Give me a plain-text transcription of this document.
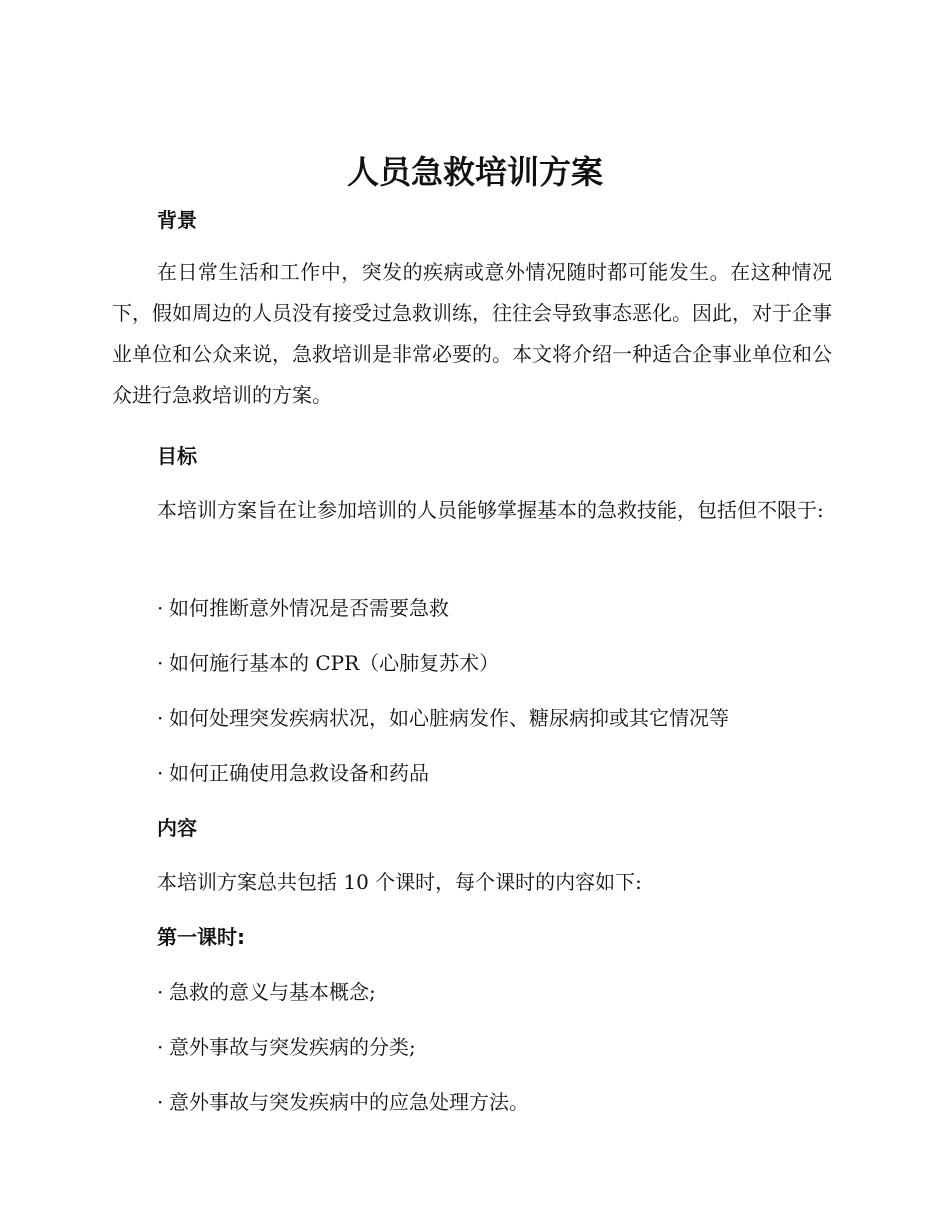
人员急救培训方案
背景

在日常生活和工作中，突发的疾病或意外情况随时都可能发生。在这种情况下，假如周边的人员没有接受过急救训练，往往会导致事态恶化。因此，对于企事业单位和公众来说，急救培训是非常必要的。本文将介绍一种适合企事业单位和公众进行急救培训的方案。

目标

本培训方案旨在让参加培训的人员能够掌握基本的急救技能，包括但不限于:

· 如何推断意外情况是否需要急救

· 如何施行基本的 CPR（心肺复苏术）

· 如何处理突发疾病状况，如心脏病发作、糖尿病抑或其它情况等

· 如何正确使用急救设备和药品

内容

本培训方案总共包括 10 个课时，每个课时的内容如下:

第一课时:

· 急救的意义与基本概念;

· 意外事故与突发疾病的分类;

· 意外事故与突发疾病中的应急处理方法。
